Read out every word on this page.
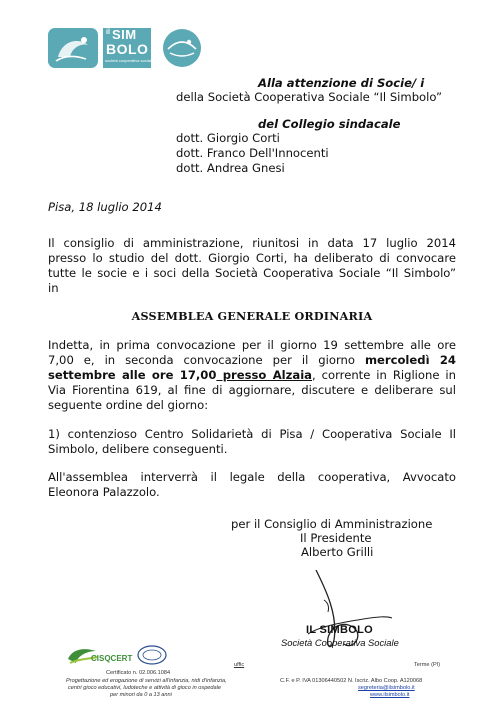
il SIM
BOLO
società cooperativa sociale
Alla attenzione di Socie/ i
della Società Cooperativa Sociale “Il Simbolo”
del Collegio sindacale
dott. Giorgio Corti
dott. Franco Dell'Innocenti
dott. Andrea Gnesi
Pisa, 18 luglio 2014
Il consiglio di amministrazione, riunitosi in data 17 luglio 2014
presso lo studio del dott. Giorgio Corti, ha deliberato di convocare
tutte le socie e i soci della Società Cooperativa Sociale “Il Simbolo”
in
ASSEMBLEA GENERALE ORDINARIA
Indetta, in prima convocazione per il giorno 19 settembre alle ore
7,00 e, in seconda convocazione per il giorno mercoledì 24
settembre alle ore 17,00 presso Alzaia, corrente in Riglione in
Via Fiorentina 619, al fine di aggiornare, discutere e deliberare sul
seguente ordine del giorno:
1) contenzioso Centro Solidarietà di Pisa / Cooperativa Sociale Il
Simbolo, delibere conseguenti.
All'assemblea interverrà il legale della cooperativa, Avvocato
Eleonora Palazzolo.
per il Consiglio di Amministrazione
Il Presidente
Alberto Grilli
IL SIMBOLO
Società Cooperativa Sociale
CISQCERT
Certificato n. 02.006.1084
Progettazione ed erogazione di servizi all'infanzia, nidi d'infanzia,
centri gioco educativi, ludoteche e attività di gioco in ospedale
per minori da 0 a 13 anni
uffic	Terme (PI)
C.F. e P. IVA 01306440502 N. Iscriz. Albo Coop. A120068
segreteria@ilsimbolo.it
www.ilsimbolo.it
